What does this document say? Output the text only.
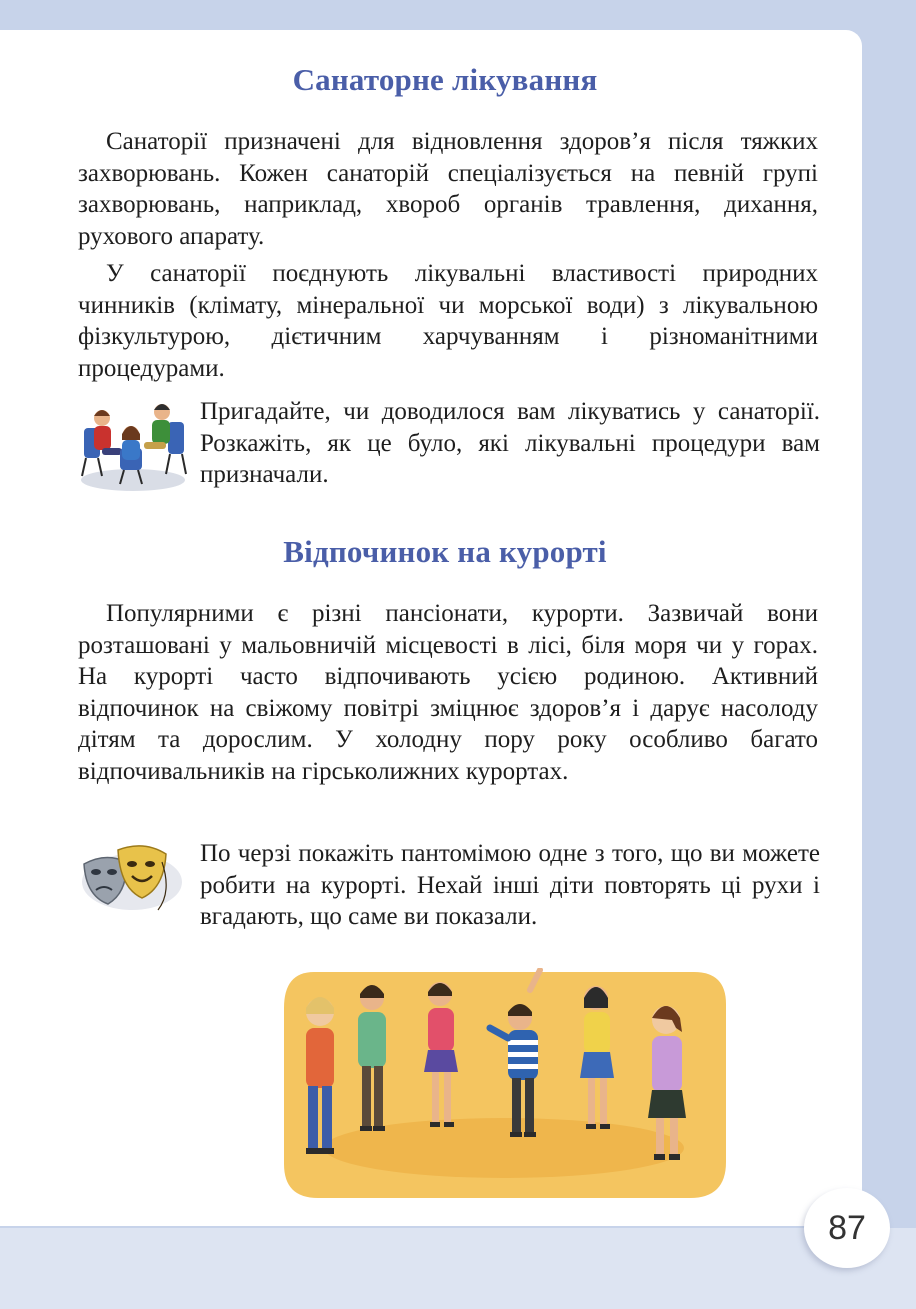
Санаторне лікування

Санаторії призначені для відновлення здоров’я після тяжких захворювань. Кожен санаторій спеціалізується на певній групі захворювань, наприклад, хвороб органів травлення, дихання, рухового апарату.

У санаторії поєднують лікувальні властивості природних чинників (клімату, мінеральної чи морської води) з лікувальною фізкультурою, дієтичним харчуванням і різноманітними процедурами.

Пригадайте, чи доводилося вам лікуватись у санаторії. Розкажіть, як це було, які лікувальні процедури вам призначали.

Відпочинок на курорті

Популярними є різні пансіонати, курорти. Зазвичай вони розташовані у мальовничій місцевості в лісі, біля моря чи у горах. На курорті часто відпочивають усією родиною. Активний відпочинок на свіжому повітрі зміцнює здоров’я і дарує насолоду дітям та дорослим. У холодну пору року особливо багато відпочивальників на гірськолижних курортах.

По черзі покажіть пантомімою одне з того, що ви можете робити на курорті. Нехай інші діти повторять ці рухи і вгадають, що саме ви показали.

87
